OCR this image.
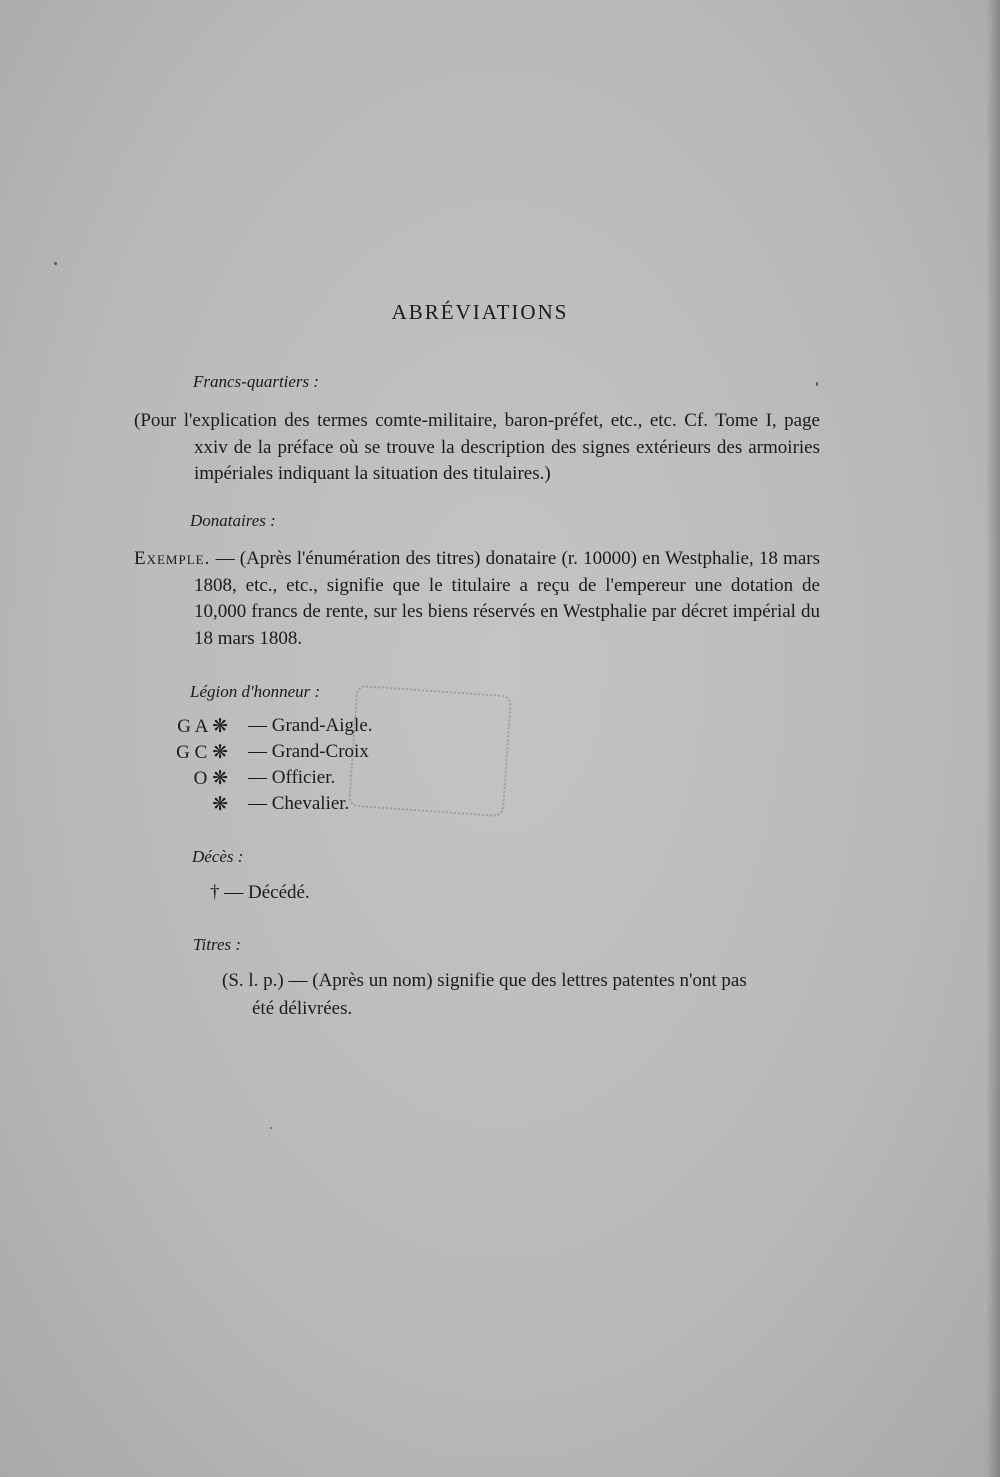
ABRÉVIATIONS
Francs-quartiers :
(Pour l'explication des termes comte-militaire, baron-préfet, etc., etc. Cf. Tome I, page xxiv de la préface où se trouve la description des signes extérieurs des armoiries impériales indiquant la situation des titulaires.)
Donataires :
Exemple. — (Après l'énumération des titres) donataire (r. 10000) en Westphalie, 18 mars 1808, etc., etc., signifie que le titulaire a reçu de l'empereur une dotation de 10,000 francs de rente, sur les biens réservés en Westphalie par décret impérial du 18 mars 1808.
Légion d'honneur :
G A ❋ — Grand-Aigle.
G C ❋ — Grand-Croix
O ❋ — Officier.
❋ — Chevalier.
Décès :
† — Décédé.
Titres :
(S. l. p.) — (Après un nom) signifie que des lettres patentes n'ont pas
été délivrées.
